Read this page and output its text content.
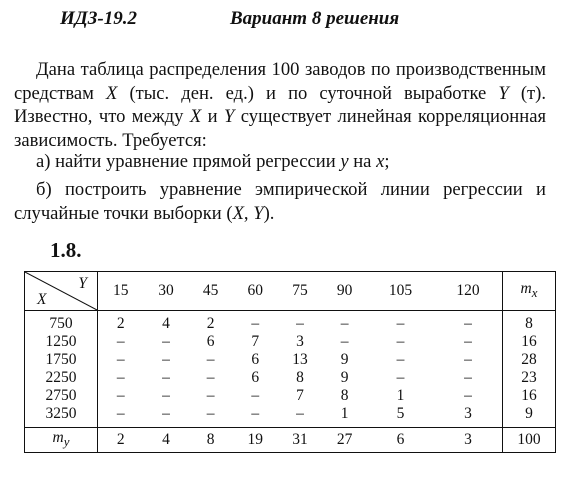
ИДЗ-19.2	Вариант 8 решения
Дана таблица распределения 100 заводов по производственным средствам X (тыс. ден. ед.) и по суточной выработке Y (т). Известно, что между X и Y существует линейная корреляционная зависимость. Требуется:
а) найти уравнение прямой регрессии y на x;
б) построить уравнение эмпирической линии регрессии и случайные точки выборки (X, Y).
1.8.
Y
X	15	30	45	60	75	90	105	120	$m_x$
750	2	4	2	–	–	–	–	–	8
1250	–	–	6	7	3	–	–	–	16
1750	–	–	–	6	13	9	–	–	28
2250	–	–	–	6	8	9	–	–	23
2750	–	–	–	–	7	8	1	–	16
3250	–	–	–	–	–	1	5	3	9
$m_y$	2	4	8	19	31	27	6	3	100
